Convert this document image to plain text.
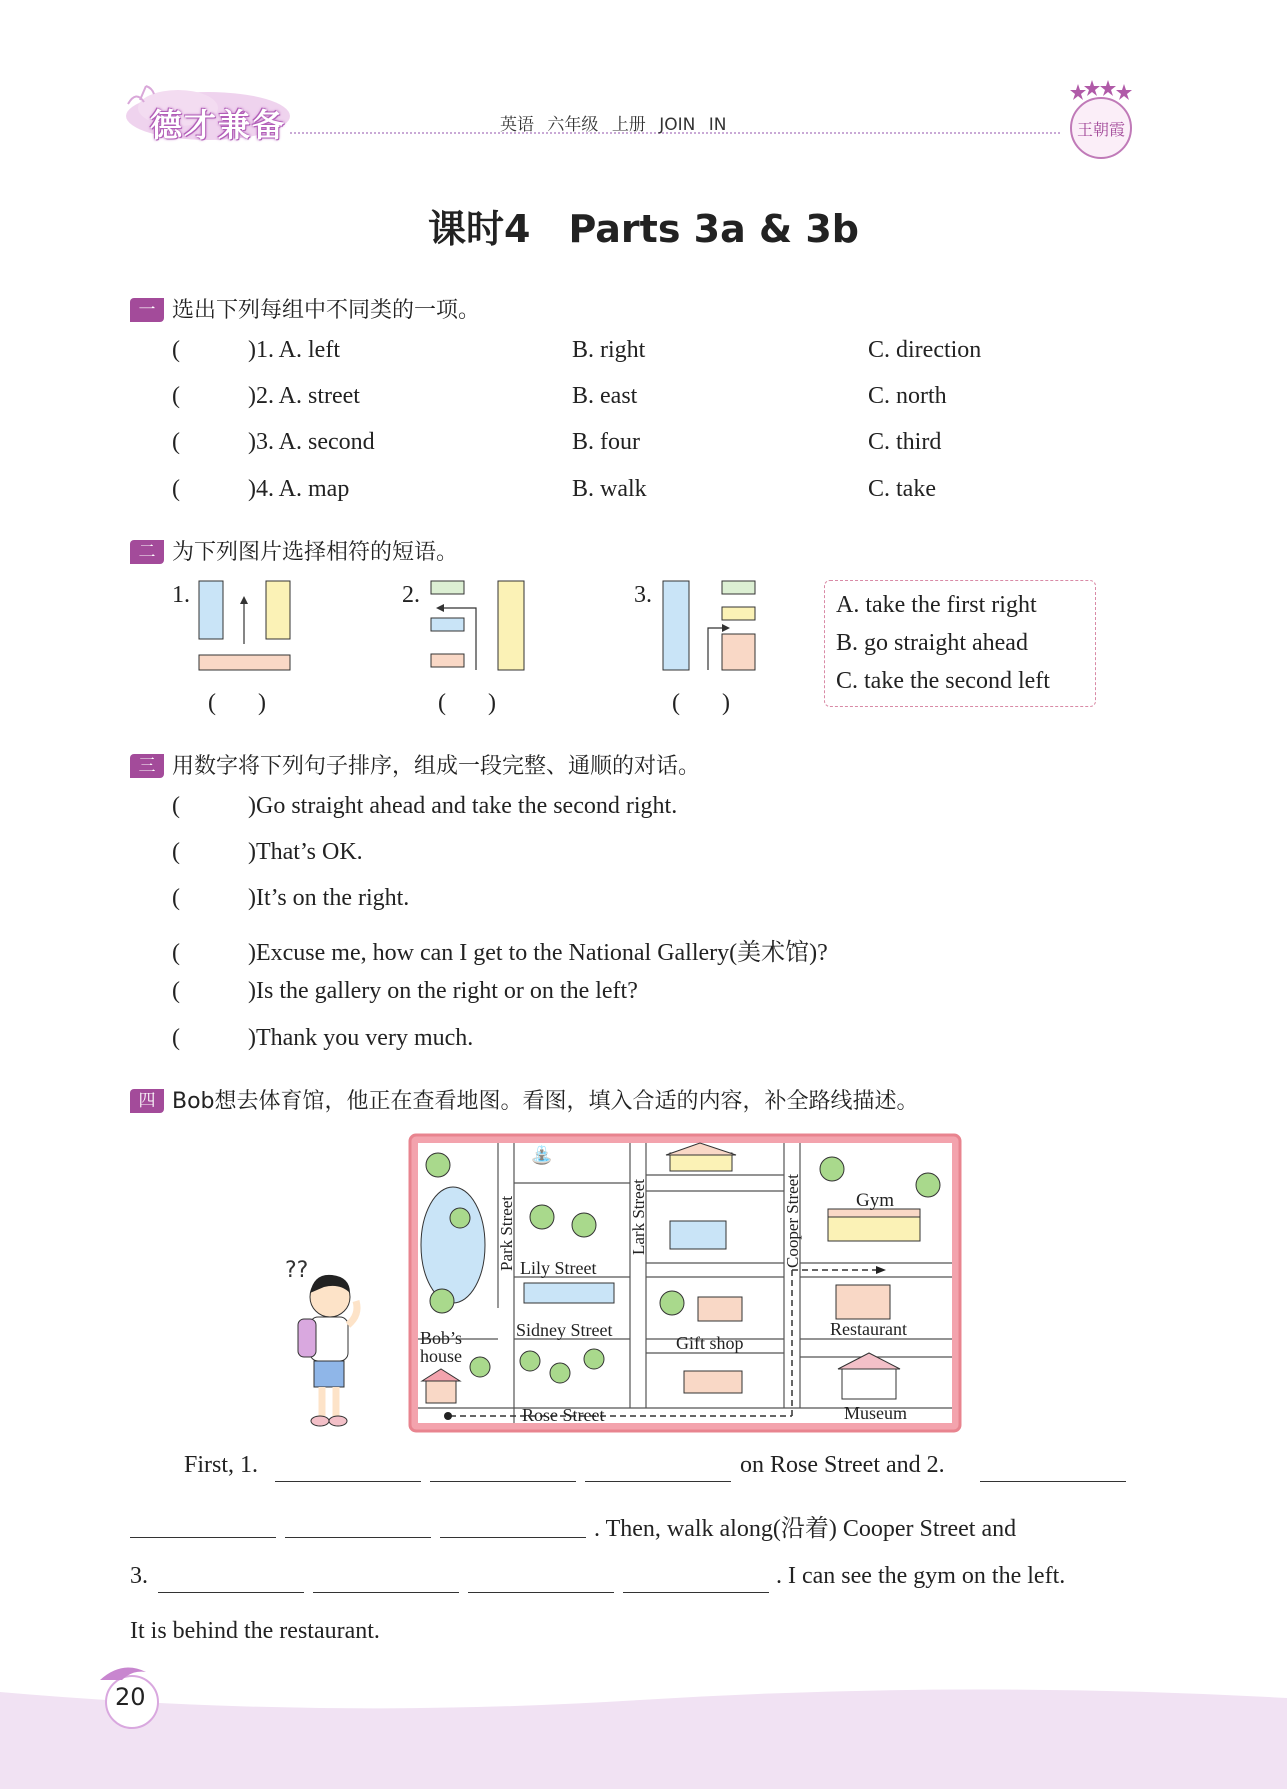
德才兼备	英语 六年级 上册 JOIN IN	王朝霞
课时4　Parts 3a & 3b
一 选出下列每组中不同类的一项。
(	)1. A. left	B. right	C. direction
(	)2. A. street	B. east	C. north
(	)3. A. second	B. four	C. third
(	)4. A. map	B. walk	C. take
二 为下列图片选择相符的短语。
1.
(       )
2.
(       )
3.
(       )
A. take the first right
B. go straight ahead
C. take the second left
三 用数字将下列句子排序，组成一段完整、通顺的对话。
(	)Go straight ahead and take the second right.
(	)That’s OK.
(	)It’s on the right.
(	)Excuse me, how can I get to the National Gallery(美术馆)?
(	)Is the gallery on the right or on the left?
(	)Thank you very much.
四 Bob想去体育馆，他正在查看地图。看图，填入合适的内容，补全路线描述。
??
⛲
Park Street	Lark Street	Cooper Street
Lily Street
Sidney Street
Rose Street
Gym
Restaurant
Museum
Gift shop
Bob’s
house
First, 1.	on Rose Street and 2.
. Then, walk along(沿着) Cooper Street and
3.	. I can see the gym on the left.
It is behind the restaurant.
20
